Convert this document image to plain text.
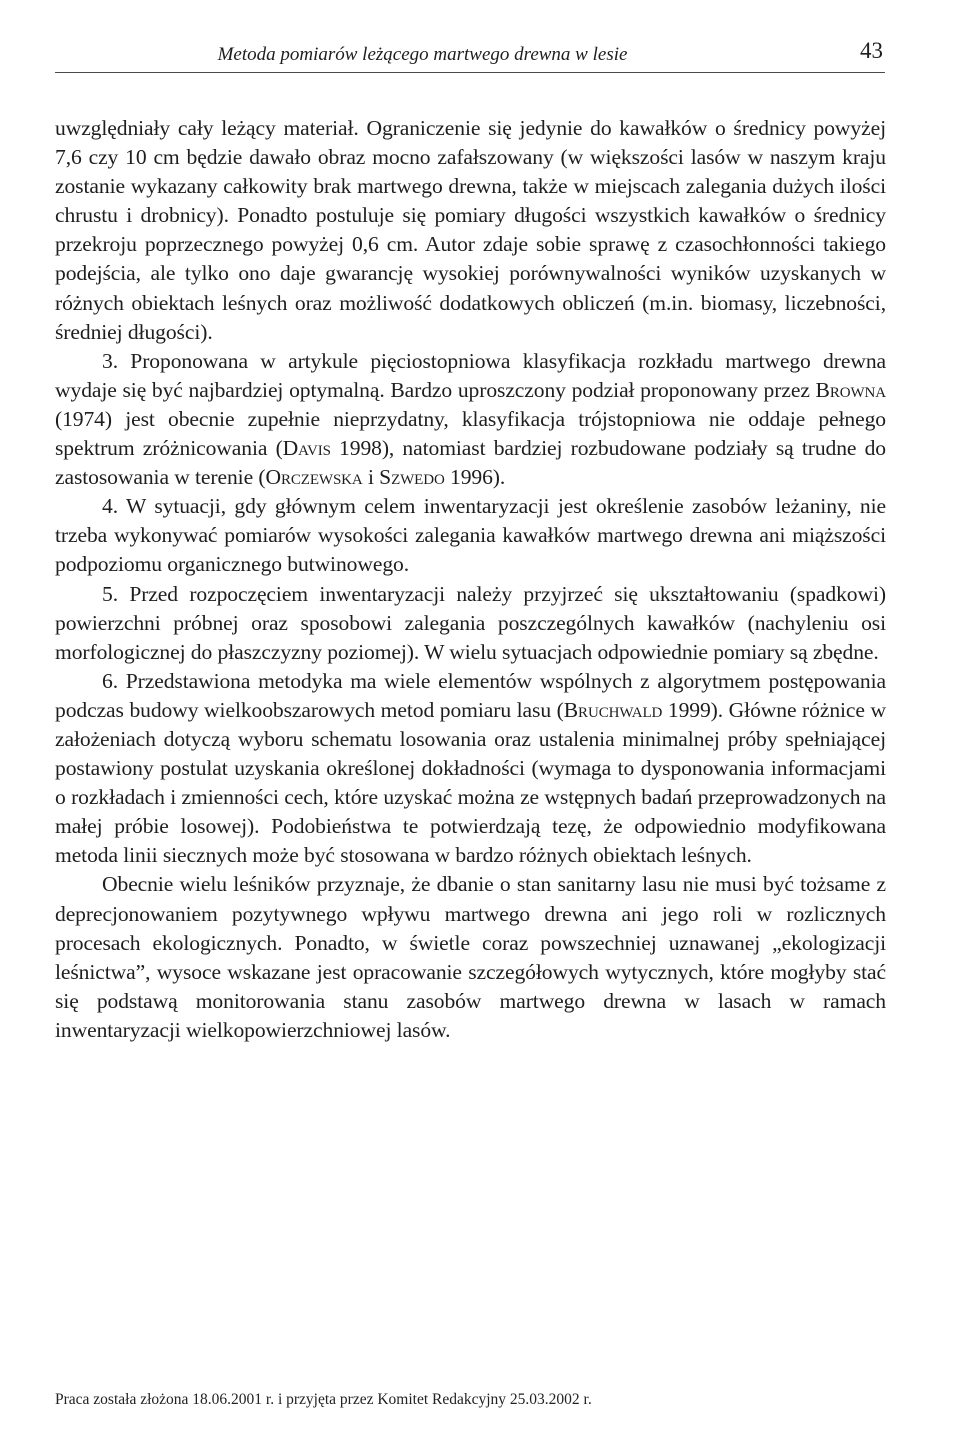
Metoda pomiarów leżącego martwego drewna w lesie	43

uwzględniały cały leżący materiał. Ograniczenie się jedynie do kawałków o średnicy powyżej 7,6 czy 10 cm będzie dawało obraz mocno zafałszowany (w większości lasów w naszym kraju zostanie wykazany całkowity brak martwego drewna, także w miejscach zalegania dużych ilości chrustu i drobnicy). Ponadto postuluje się pomiary długości wszystkich kawałków o średnicy przekroju poprzecznego powyżej 0,6 cm. Autor zdaje sobie sprawę z czasochłonności takiego podejścia, ale tylko ono daje gwarancję wysokiej porównywalności wyników uzyskanych w różnych obiektach leśnych oraz możliwość dodatkowych obliczeń (m.in. biomasy, liczebności, średniej długości).

3. Proponowana w artykule pięciostopniowa klasyfikacja rozkładu martwego drewna wydaje się być najbardziej optymalną. Bardzo uproszczony podział proponowany przez Browna (1974) jest obecnie zupełnie nieprzydatny, klasyfikacja trójstopniowa nie oddaje pełnego spektrum zróżnicowania (Davis 1998), natomiast bardziej rozbudowane podziały są trudne do zastosowania w terenie (Orczewska i Szwedo 1996).

4. W sytuacji, gdy głównym celem inwentaryzacji jest określenie zasobów leżaniny, nie trzeba wykonywać pomiarów wysokości zalegania kawałków martwego drewna ani miąższości podpoziomu organicznego butwinowego.

5. Przed rozpoczęciem inwentaryzacji należy przyjrzeć się ukształtowaniu (spadkowi) powierzchni próbnej oraz sposobowi zalegania poszczególnych kawałków (nachyleniu osi morfologicznej do płaszczyzny poziomej). W wielu sytuacjach odpowiednie pomiary są zbędne.

6. Przedstawiona metodyka ma wiele elementów wspólnych z algorytmem postępowania podczas budowy wielkoobszarowych metod pomiaru lasu (Bruchwald 1999). Główne różnice w założeniach dotyczą wyboru schematu losowania oraz ustalenia minimalnej próby spełniającej postawiony postulat uzyskania określonej dokładności (wymaga to dysponowania informacjami o rozkładach i zmienności cech, które uzyskać można ze wstępnych badań przeprowadzonych na małej próbie losowej). Podobieństwa te potwierdzają tezę, że odpowiednio modyfikowana metoda linii siecznych może być stosowana w bardzo różnych obiektach leśnych.

Obecnie wielu leśników przyznaje, że dbanie o stan sanitarny lasu nie musi być tożsame z deprecjonowaniem pozytywnego wpływu martwego drewna ani jego roli w rozlicznych procesach ekologicznych. Ponadto, w świetle coraz powszechniej uznawanej „ekologizacji leśnictwa”, wysoce wskazane jest opracowanie szczegółowych wytycznych, które mogłyby stać się podstawą monitorowania stanu zasobów martwego drewna w lasach w ramach inwentaryzacji wielkopowierzchniowej lasów.

Praca została złożona 18.06.2001 r. i przyjęta przez Komitet Redakcyjny 25.03.2002 r.
